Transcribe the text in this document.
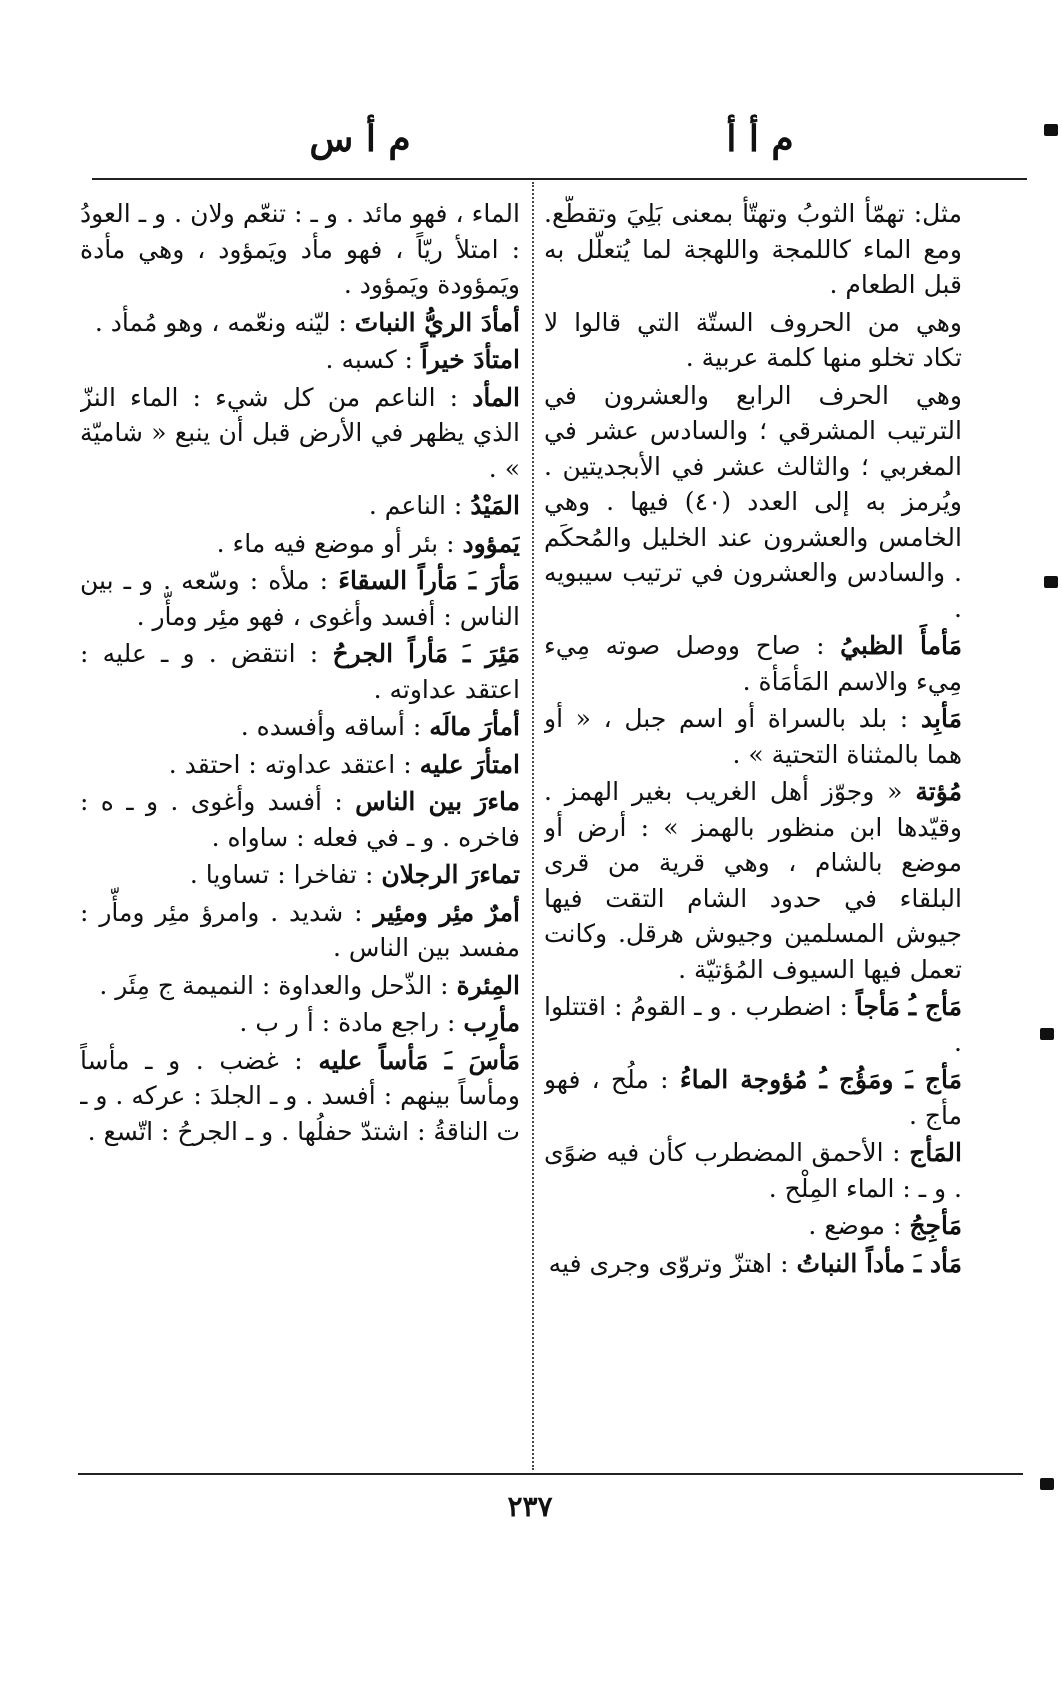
م أ أ
م أ س
مثل: تهمّأ الثوبُ وتهتّأ بمعنى بَلِيَ وتقطّع. ومع الماء كاللمجة واللهجة لما يُتعلّل به قبل الطعام .
وهي من الحروف الستّة التي قالوا لا تكاد تخلو منها كلمة عربية .
وهي الحرف الرابع والعشرون في الترتيب المشرقي ؛ والسادس عشر في المغربي ؛ والثالث عشر في الأبجديتين . ويُرمز به إلى العدد (٤٠) فيها . وهي الخامس والعشرون عند الخليل والمُحكَم . والسادس والعشرون في ترتيب سيبويه .
مَأمأَ الظبيُ : صاح ووصل صوته مِيء مِيء والاسم المَأمَأة .
مَأبِد : بلد بالسراة أو اسم جبل ، « أو هما بالمثناة التحتية » .
مُؤتة « وجوّز أهل الغريب بغير الهمز . وقيّدها ابن منظور بالهمز » : أرض أو موضع بالشام ، وهي قرية من قرى البلقاء في حدود الشام التقت فيها جيوش المسلمين وجيوش هرقل. وكانت تعمل فيها السيوف المُؤتيّة .
مَأج ـُ مَأجاً : اضطرب . و ـ القومُ : اقتتلوا .
مَأج ـَ ومَؤُج ـُ مُؤوجة الماءُ : ملُح ، فهو مأج .
المَأج : الأحمق المضطرب كأن فيه ضوًى . و ـ : الماء المِلْح .
مَأجِجُ : موضع .
مَأد ـَ مأداً النباتُ : اهتزّ وتروّى وجرى فيه
الماء ، فهو مائد . و ـ : تنعّم ولان . و ـ العودُ : امتلأ ريّاً ، فهو مأد ويَمؤود ، وهي مأدة ويَمؤودة ويَمؤود .
أمأدَ الريُّ النباتَ : ليّنه ونعّمه ، وهو مُمأد .
امتأدَ خيراً : كسبه .
المأد : الناعم من كل شيء : الماء النزّ الذي يظهر في الأرض قبل أن ينبع « شاميّة » .
المَيْدُ : الناعم .
يَمؤود : بئر أو موضع فيه ماء .
مَأرَ ـَ مَأراً السقاءَ : ملأه : وسّعه . و ـ بين الناس : أفسد وأغوى ، فهو مئِر ومأّر .
مَئِرَ ـَ مَأراً الجرحُ : انتقض . و ـ عليه : اعتقد عداوته .
أمأرَ مالَه : أساقه وأفسده .
امتأرَ عليه : اعتقد عداوته : احتقد .
ماءرَ بين الناس : أفسد وأغوى . و ـ ه : فاخره . و ـ في فعله : ساواه .
تماءرَ الرجلان : تفاخرا : تساويا .
أمرٌ مئِر ومئِير : شديد . وامرؤ مئِر ومأّر : مفسد بين الناس .
المِئرة : الذّحل والعداوة : النميمة ج مِئَر .
مأرِب : راجع مادة : أ ر ب .
مَأسَ ـَ مَأساً عليه : غضب . و ـ مأساً ومأساً بينهم : أفسد . و ـ الجلدَ : عركه . و ـ ت الناقةُ : اشتدّ حفلُها . و ـ الجرحُ : اتّسع .
٢٣٧
